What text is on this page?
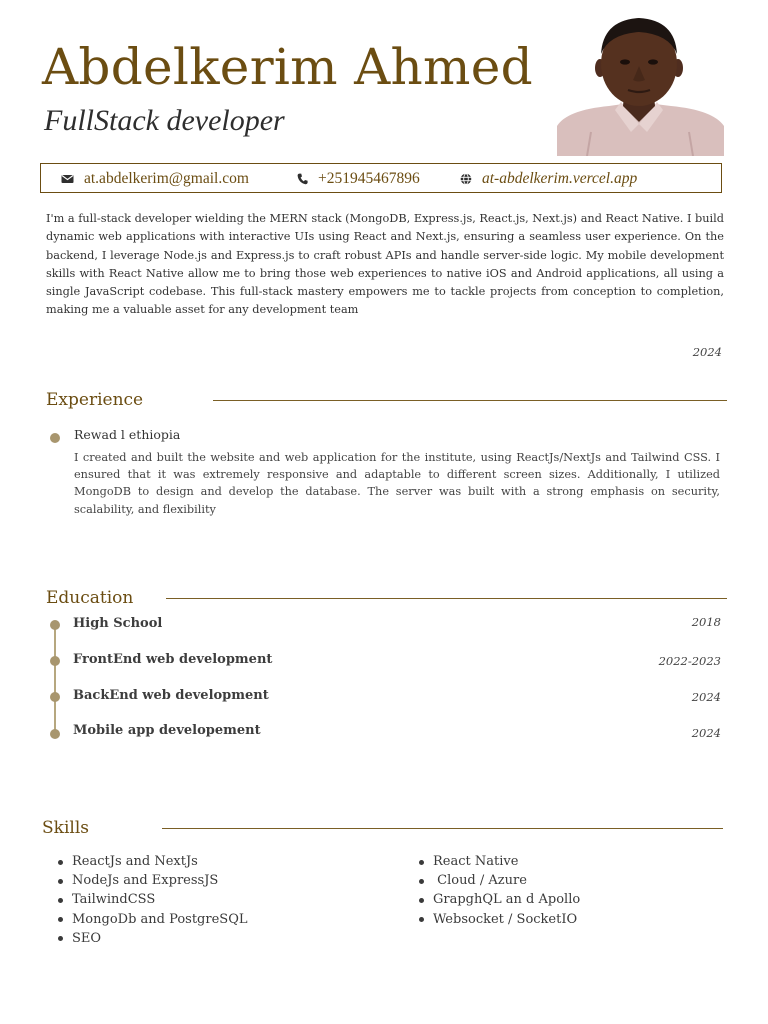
Abdelkerim Ahmed
FullStack developer
at.abdelkerim@gmail.com	+251945467896	at-abdelkerim.vercel.app

I'm a full-stack developer wielding the MERN stack (MongoDB, Express.js, React.js, Next.js) and React Native. I build dynamic web applications with interactive UIs using React and Next.js, ensuring a seamless user experience. On the backend, I leverage Node.js and Express.js to craft robust APIs and handle server-side logic. My mobile development skills with React Native allow me to bring those web experiences to native iOS and Android applications, all using a single JavaScript codebase. This full-stack mastery empowers me to tackle projects from conception to completion, making me a valuable asset for any development team

2024
Experience
Rewad l ethiopia

I created and built the website and web application for the institute, using ReactJs/NextJs and Tailwind CSS. I ensured that it was extremely responsive and adaptable to different screen sizes. Additionally, I utilized MongoDB to design and develop the database. The server was built with a strong emphasis on security, scalability, and flexibility

Education
High School	2018
FrontEnd web development	2022-2023
BackEnd web development	2024
Mobile app developement	2024
Skills
ReactJs and NextJs
NodeJs and ExpressJS
TailwindCSS
MongoDb and PostgreSQL
SEO
React Native
Cloud / Azure
GrapghQL an d Apollo
Websocket / SocketIO
